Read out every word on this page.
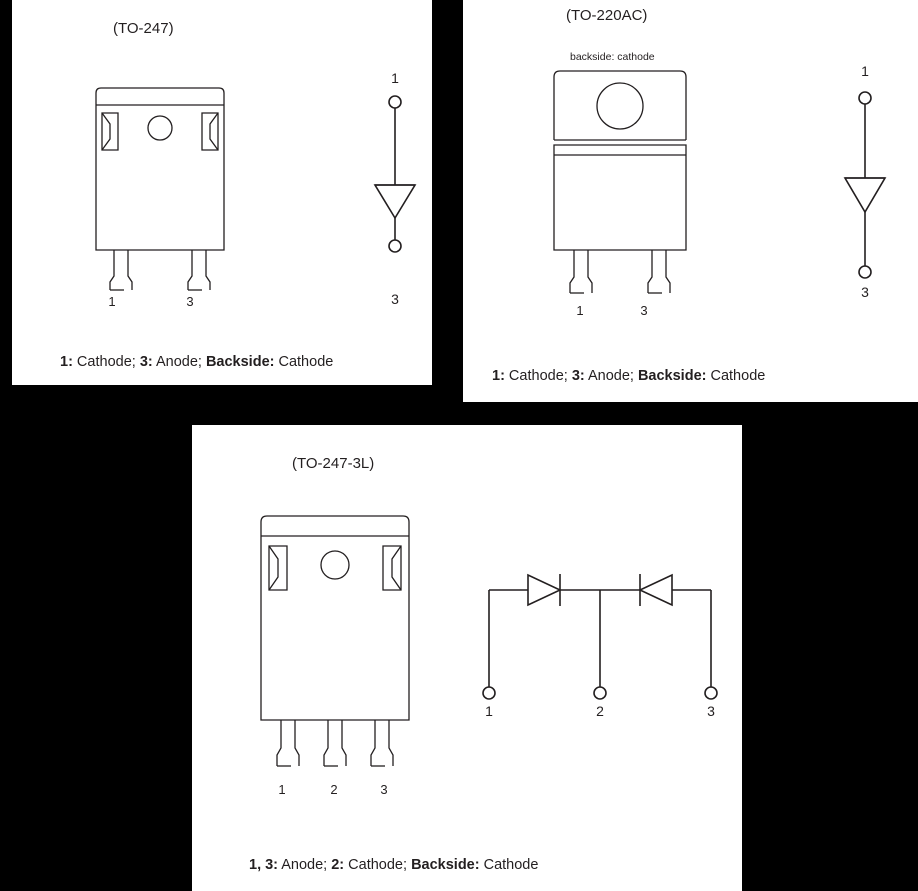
(TO-247)
1	3
1
3
1: Cathode; 3: Anode; Backside: Cathode
(TO-220AC)
backside: cathode
1	3
1
3
1: Cathode; 3: Anode; Backside: Cathode
(TO-247-3L)
1	2	3
1	2	3
1, 3: Anode; 2: Cathode; Backside: Cathode
